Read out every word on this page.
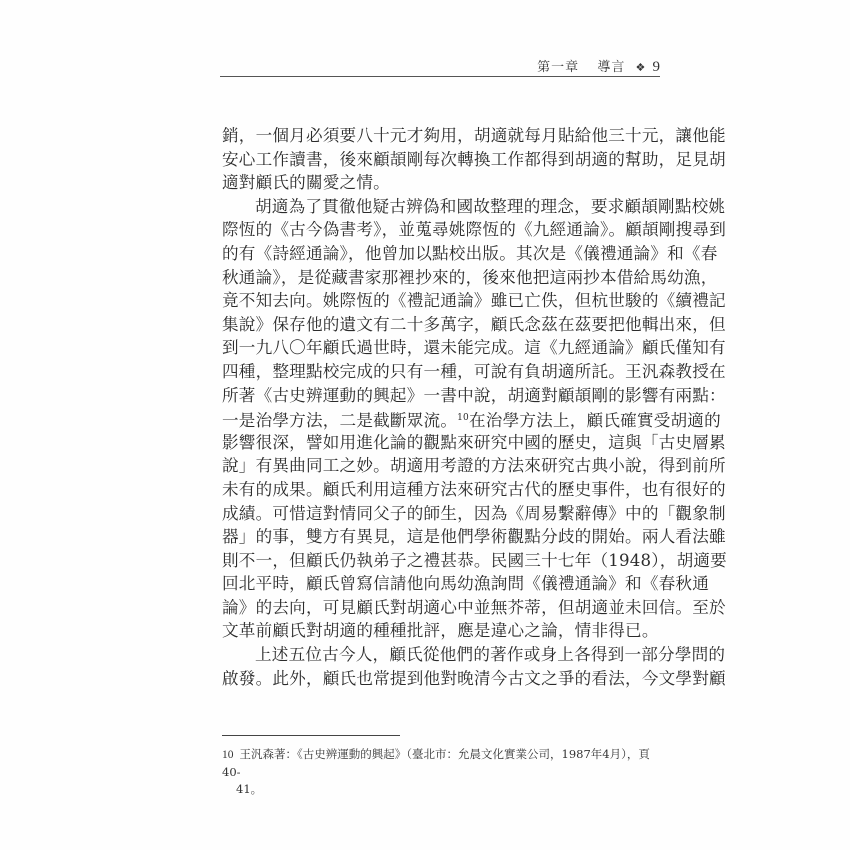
第一章 導言 ❖ 9
銷，一個月必須要八十元才夠用，胡適就每月貼給他三十元，讓他能
安心工作讀書，後來顧頡剛每次轉換工作都得到胡適的幫助，足見胡
適對顧氏的關愛之情。
胡適為了貫徹他疑古辨偽和國故整理的理念，要求顧頡剛點校姚
際恆的《古今偽書考》，並蒐尋姚際恆的《九經通論》。顧頡剛搜尋到
的有《詩經通論》，他曾加以點校出版。其次是《儀禮通論》和《春
秋通論》，是從藏書家那裡抄來的，後來他把這兩抄本借給馬幼漁，
竟不知去向。姚際恆的《禮記通論》雖已亡佚，但杭世駿的《續禮記
集說》保存他的遺文有二十多萬字，顧氏念茲在茲要把他輯出來，但
到一九八〇年顧氏過世時，還未能完成。這《九經通論》顧氏僅知有
四種，整理點校完成的只有一種，可說有負胡適所託。王汎森教授在
所著《古史辨運動的興起》一書中說，胡適對顧頡剛的影響有兩點：
一是治學方法，二是截斷眾流。$^{10}$在治學方法上，顧氏確實受胡適的
影響很深，譬如用進化論的觀點來研究中國的歷史，這與「古史層累
說」有異曲同工之妙。胡適用考證的方法來研究古典小說，得到前所
未有的成果。顧氏利用這種方法來研究古代的歷史事件，也有很好的
成績。可惜這對情同父子的師生，因為《周易繫辭傳》中的「觀象制
器」的事，雙方有異見，這是他們學術觀點分歧的開始。兩人看法雖
則不一，但顧氏仍執弟子之禮甚恭。民國三十七年（1948），胡適要
回北平時，顧氏曾寫信請他向馬幼漁詢問《儀禮通論》和《春秋通
論》的去向，可見顧氏對胡適心中並無芥蒂，但胡適並未回信。至於
文革前顧氏對胡適的種種批評，應是違心之論，情非得已。
上述五位古今人，顧氏從他們的著作或身上各得到一部分學問的
啟發。此外，顧氏也常提到他對晚清今古文之爭的看法，今文學對顧
10 王汎森著：《古史辨運動的興起》（臺北市：允晨文化實業公司，1987年4月），頁40-
41。
